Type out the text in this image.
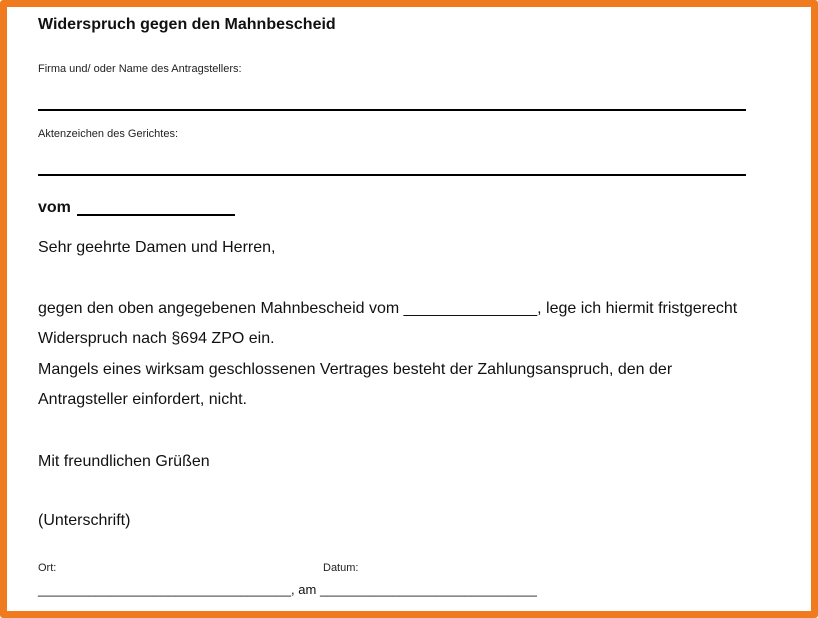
Widerspruch gegen den Mahnbescheid
Firma und/ oder Name des Antragstellers:
Aktenzeichen des Gerichtes:
vom
Sehr geehrte Damen und Herren,
gegen den oben angegebenen Mahnbescheid vom _______________, lege ich hiermit fristgerecht
Widerspruch nach §694 ZPO ein.
Mangels eines wirksam geschlossenen Vertrages besteht der Zahlungsanspruch, den der
Antragsteller einfordert, nicht.
Mit freundlichen Grüßen
(Unterschrift)
Ort:	Datum:
___________________________________, am ______________________________
